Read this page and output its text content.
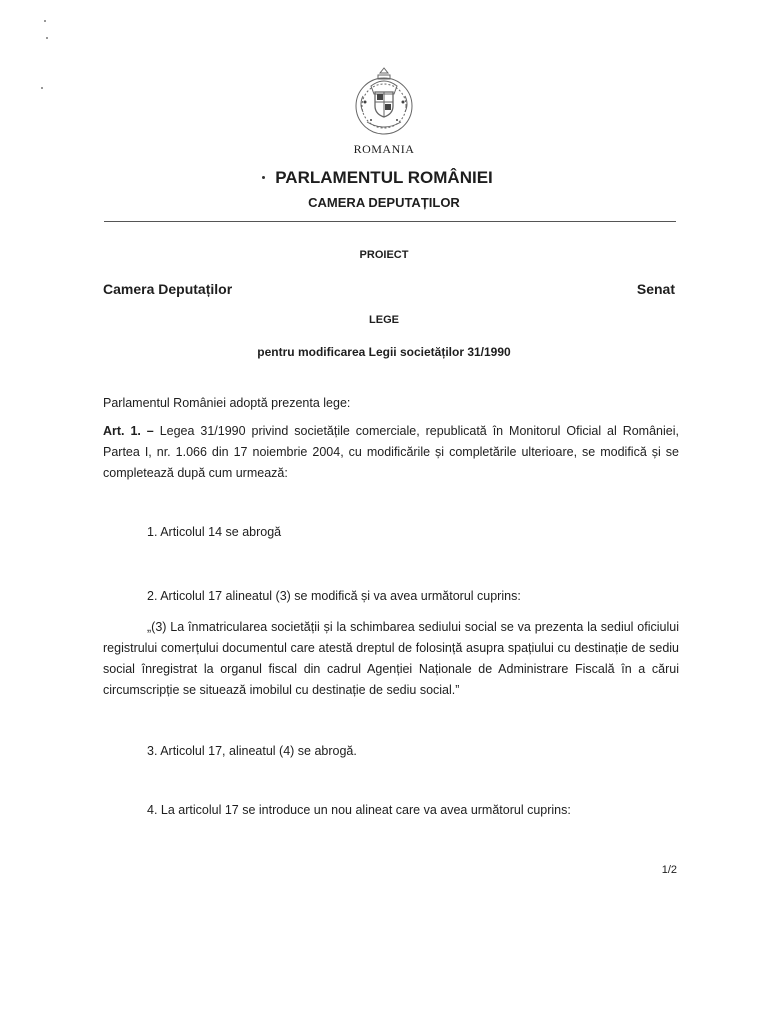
ROMANIA
PARLAMENTUL ROMÂNIEI
CAMERA DEPUTAȚILOR
PROIECT
Camera Deputaților	Senat
LEGE
pentru modificarea Legii societăților 31/1990
Parlamentul României adoptă prezenta lege:
Art. 1. – Legea 31/1990 privind societățile comerciale, republicată în Monitorul Oficial al României, Partea I, nr. 1.066 din 17 noiembrie 2004, cu modificările și completările ulterioare, se modifică și se completează după cum urmează:
1. Articolul 14 se abrogă
2. Articolul 17 alineatul (3) se modifică și va avea următorul cuprins:
„(3) La înmatricularea societății și la schimbarea sediului social se va prezenta la sediul oficiului registrului comerțului documentul care atestă dreptul de folosință asupra spațiului cu destinație de sediu social înregistrat la organul fiscal din cadrul Agenției Naționale de Administrare Fiscală în a cărui circumscripție se situează imobilul cu destinație de sediu social.”
3. Articolul 17, alineatul (4) se abrogă.
4. La articolul 17 se introduce un nou alineat care va avea următorul cuprins:
1/2
